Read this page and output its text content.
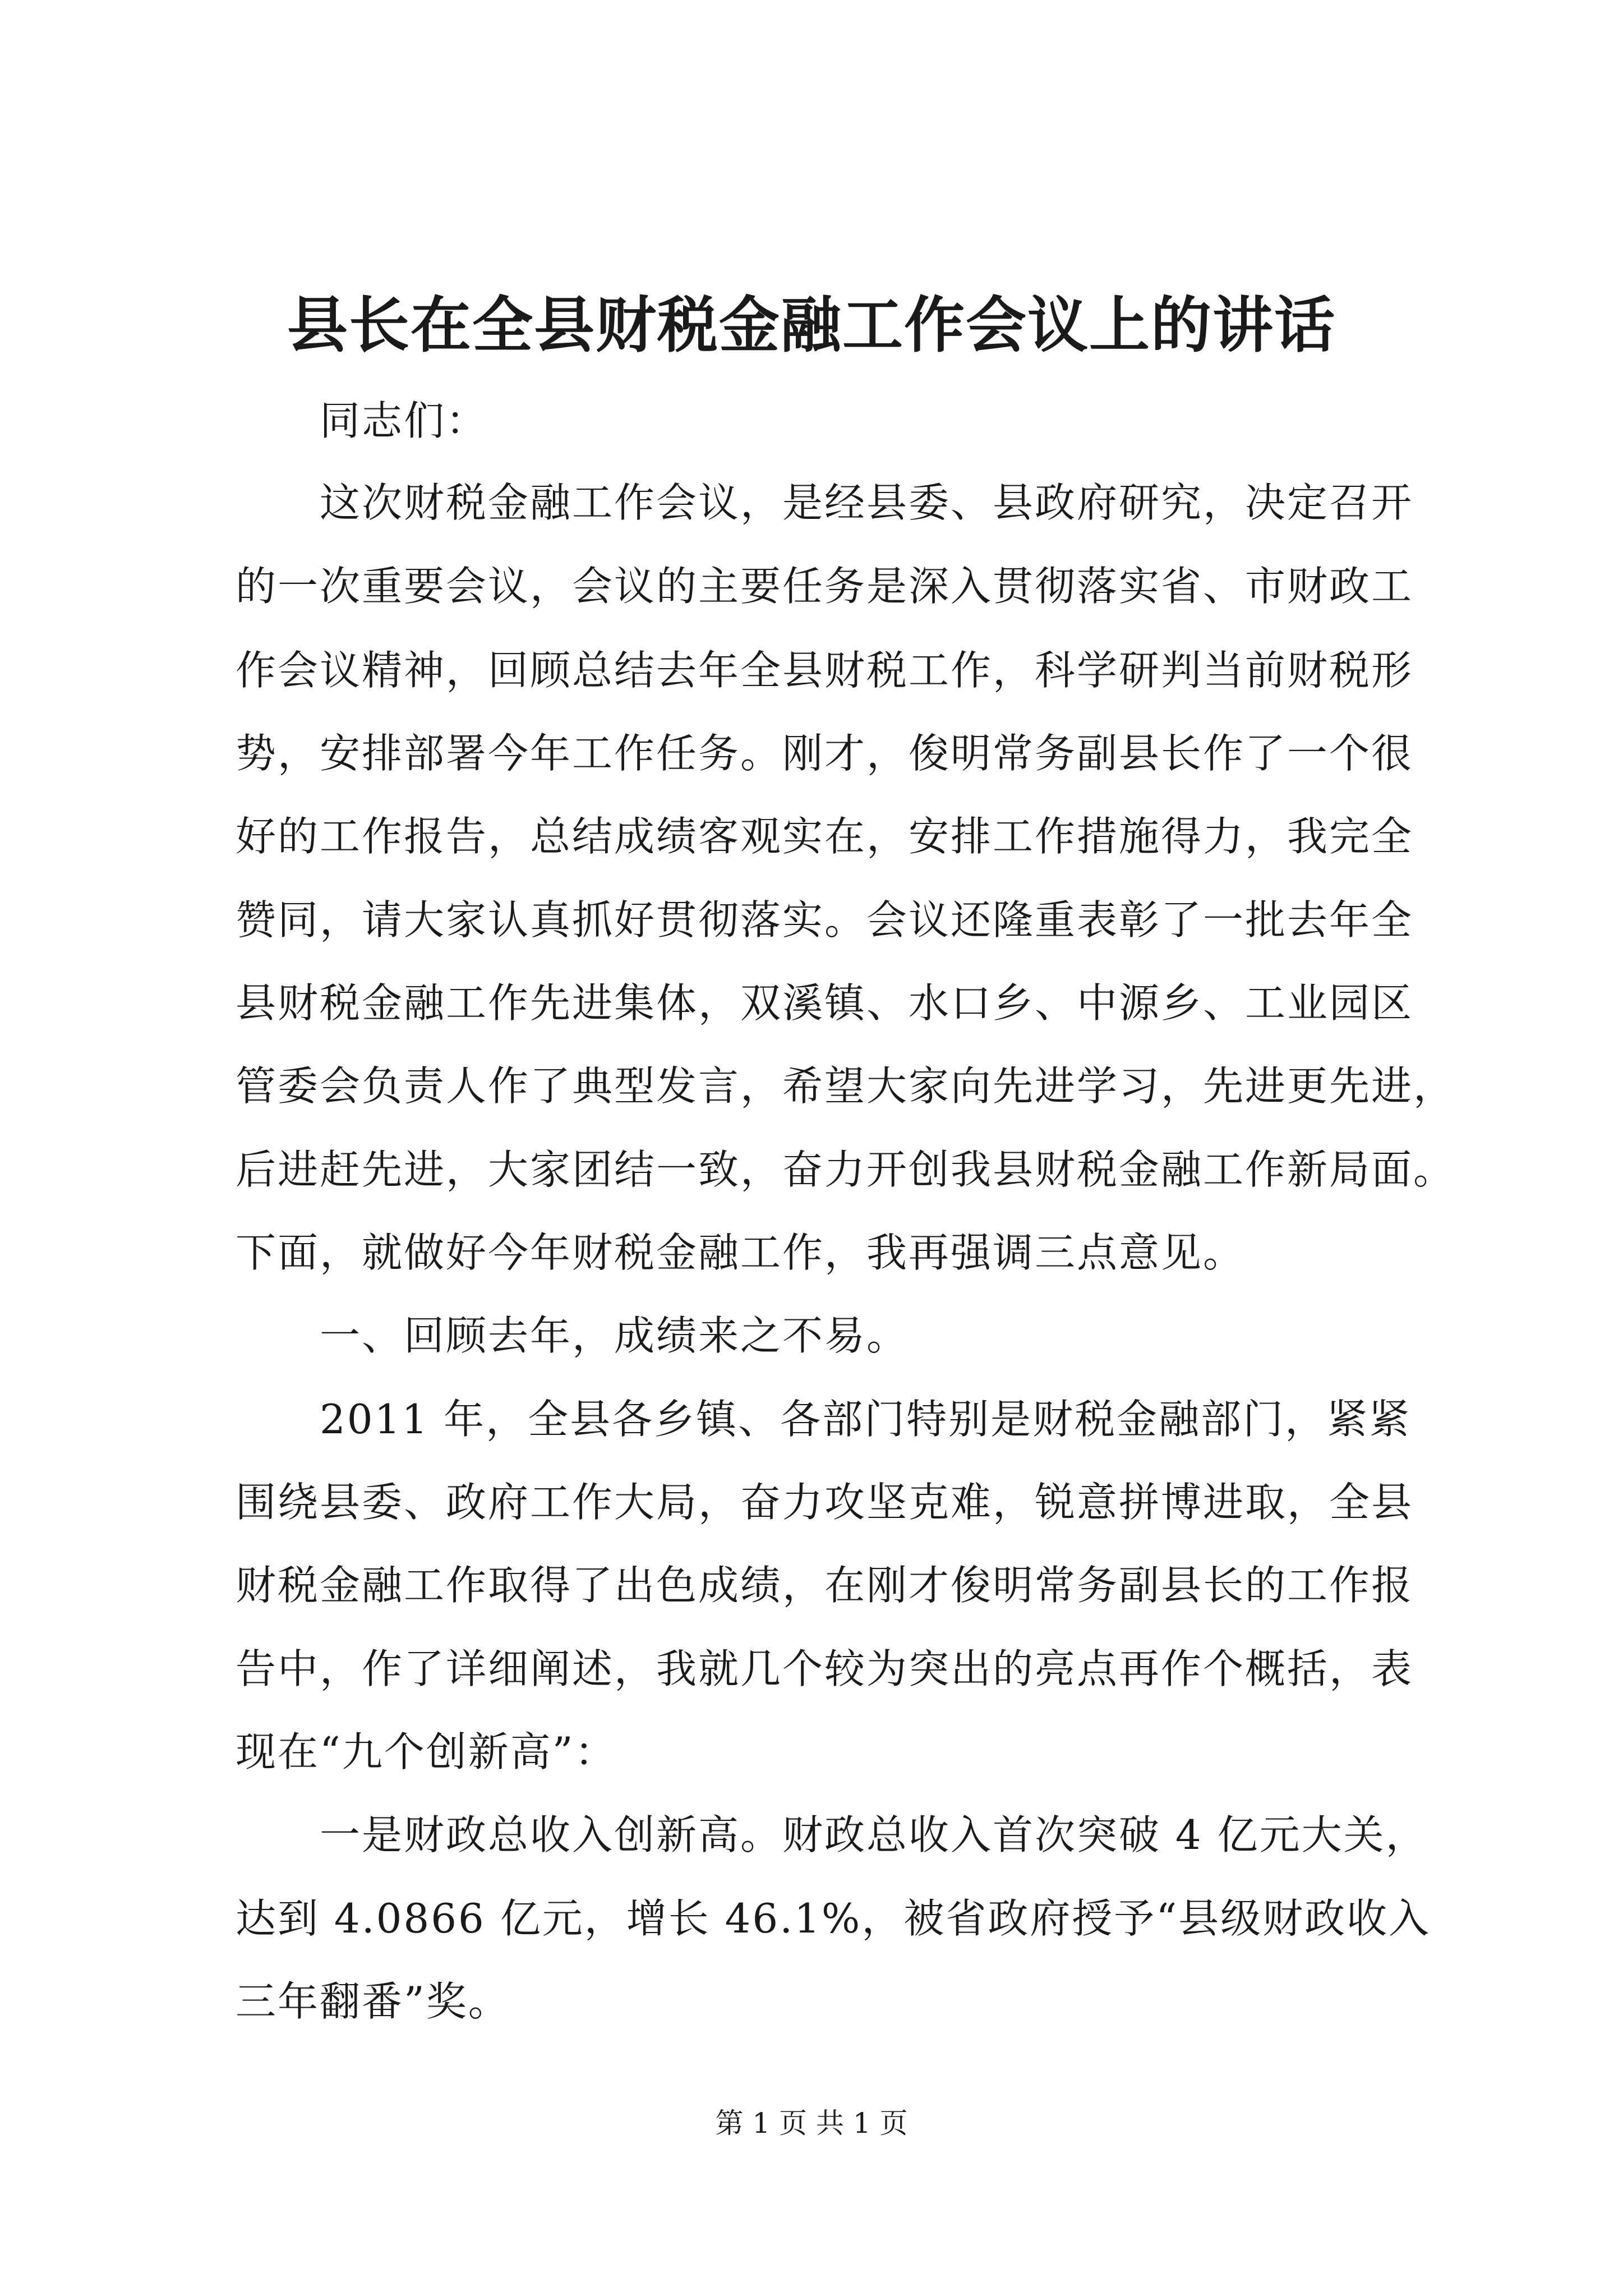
县长在全县财税金融工作会议上的讲话
　　同志们：
　　这次财税金融工作会议，是经县委、县政府研究，决定召开
的一次重要会议，会议的主要任务是深入贯彻落实省、市财政工
作会议精神，回顾总结去年全县财税工作，科学研判当前财税形
势，安排部署今年工作任务。刚才，俊明常务副县长作了一个很
好的工作报告，总结成绩客观实在，安排工作措施得力，我完全
赞同，请大家认真抓好贯彻落实。会议还隆重表彰了一批去年全
县财税金融工作先进集体，双溪镇、水口乡、中源乡、工业园区
管委会负责人作了典型发言，希望大家向先进学习，先进更先进，
后进赶先进，大家团结一致，奋力开创我县财税金融工作新局面。
下面，就做好今年财税金融工作，我再强调三点意见。
　　一、回顾去年，成绩来之不易。
　　2011 年，全县各乡镇、各部门特别是财税金融部门，紧紧
围绕县委、政府工作大局，奋力攻坚克难，锐意拼博进取，全县
财税金融工作取得了出色成绩，在刚才俊明常务副县长的工作报
告中，作了详细阐述，我就几个较为突出的亮点再作个概括，表
现在“九个创新高”：
　　一是财政总收入创新高。财政总收入首次突破 4 亿元大关，
达到 4.0866 亿元，增长 46.1%，被省政府授予“县级财政收入
三年翻番”奖。
第 1 页 共 1 页
